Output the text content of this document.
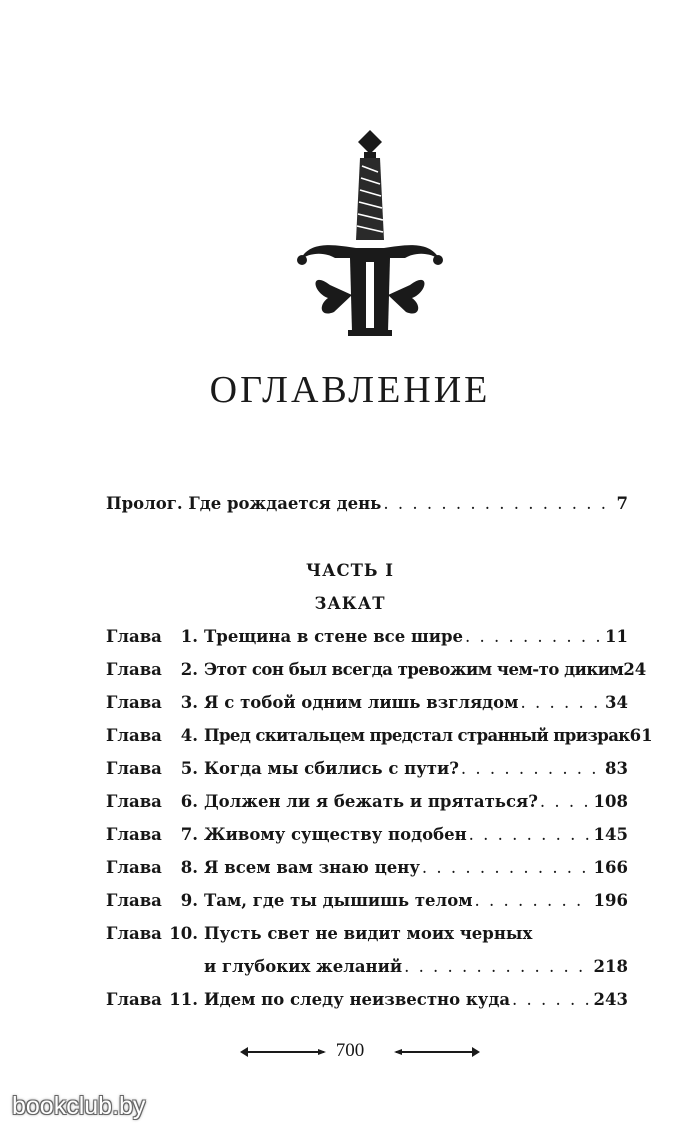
ОГЛАВЛЕНИЕ
Пролог. Где рождается день . . .	7
ЧАСТЬ I
ЗАКАТ
Глава	1. Трещина в стене все шире . . .	11
Глава	2. Этот сон был всегда тревожим чем-то диким 24
Глава	3. Я с тобой одним лишь взглядом . . .	34
Глава	4. Пред скитальцем предстал странный призрак 61
Глава	5. Когда мы сбились с пути? . . .	83
Глава	6. Должен ли я бежать и прятаться? . . .	108
Глава	7. Живому существу подобен . . .	145
Глава	8. Я всем вам знаю цену . . .	166
Глава	9. Там, где ты дышишь телом . . .	196
Глава 10. Пусть свет не видит моих черных
и глубоких желаний . . .	218
Глава 11. Идем по следу неизвестно куда . . .	243
700
bookclub.by
